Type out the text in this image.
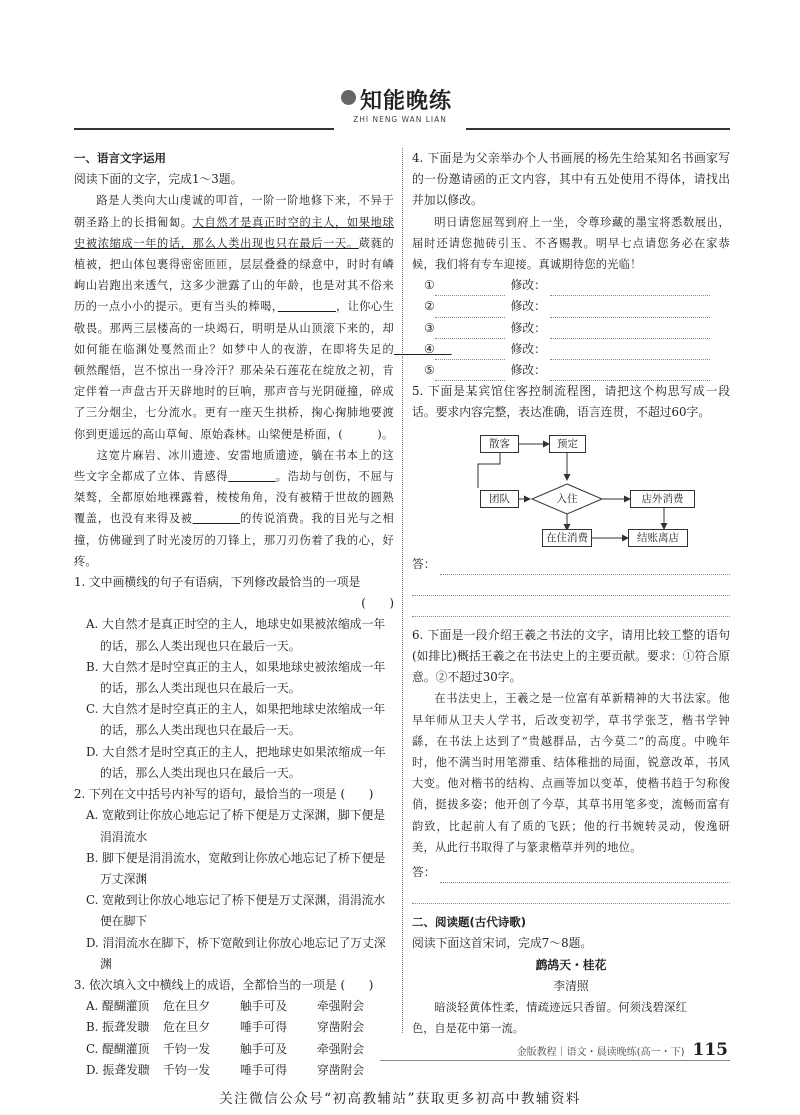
知能晚练
ZHI NENG WAN LIAN
一、语言文字运用
阅读下面的文字，完成1～3题。
路是人类向大山虔诚的叩首，一阶一阶地修下来，不异于朝圣路上的长揖匍匐。大自然才是真正时空的主人，如果地球史被浓缩成一年的话，那么人类出现也只在最后一天。葳蕤的植被，把山体包裹得密密匝匝，层层叠叠的绿意中，时时有嶙峋山岩跑出来透气，这多少泄露了山的年龄，也是对其不俗来历的一点小小的提示。更有当头的棒喝，　　　　　	，让你心生敬畏。那两三层楼高的一块竭石，明明是从山顶滚下来的，却如何能在临渊处戛然而止？如梦中人的夜游，在即将失足的　　　　　顿然醒悟，岂不惊出一身冷汗？那朵朵石莲花在绽放之初，肯定伴着一声盘古开天辟地时的巨响，那声音与光阴碰撞，碎成了三分烟尘，七分流水。更有一座天生拱桥，掬心掬肺地要渡你到更遥远的高山草甸、原始森林。山梁便是桥面，(　　　)。
这宽片麻岩、冰川遗迹、安雷地质遗迹，躺在书本上的这些文字全都成了立体、肯感得　　　　	。浩劫与创伤，不屈与桀骜，全都原始地裸露着，棱棱角角，没有被精于世故的圆熟覆盖，也没有来得及被　　　　	的传说消费。我的目光与之相撞，仿佛碰到了时光凌厉的刀锋上，那刀刃伤着了我的心，好疼。
1. 文中画横线的句子有语病，下列修改最恰当的一项是
(　　)
A. 大自然才是真正时空的主人，地球史如果被浓缩成一年的话，那么人类出现也只在最后一天。
B. 大自然才是时空真正的主人，如果地球史被浓缩成一年的话，那么人类出现也只在最后一天。
C. 大自然才是时空真正的主人，如果把地球史浓缩成一年的话，那么人类出现也只在最后一天。
D. 大自然才是时空真正的主人，把地球史如果浓缩成一年的话，那么人类出现也只在最后一天。
2. 下列在文中括号内补写的语句，最恰当的一项是 (　　)
A. 宽敞到让你放心地忘记了桥下便是万丈深渊，脚下便是涓涓流水
B. 脚下便是涓涓流水，宽敞到让你放心地忘记了桥下便是万丈深渊
C. 宽敞到让你放心地忘记了桥下便是万丈深渊，涓涓流水便在脚下
D. 涓涓流水在脚下，桥下宽敞到让你放心地忘记了万丈深渊
3. 依次填入文中横线上的成语，全都恰当的一项是 (　　)
A. 醍醐灌顶	危在旦夕	触手可及	牵强附会
B. 振聋发聩	危在旦夕	唾手可得	穿凿附会
C. 醍醐灌顶	千钧一发	触手可及	牵强附会
D. 振聋发聩	千钧一发	唾手可得	穿凿附会
4. 下面是为父亲举办个人书画展的杨先生给某知名书画家写的一份邀请函的正文内容，其中有五处使用不得体，请找出并加以修改。
明日请您屈驾到府上一坐，令尊珍藏的墨宝将悉数展出，届时还请您抛砖引玉、不吝赐教。明早七点请您务必在家恭候，我们将有专车迎接。真诚期待您的光临！
①	修改：
②	修改：
③	修改：
④	修改：
⑤	修改：
5. 下面是某宾馆住客控制流程图，请把这个构思写成一段话。要求内容完整，表达准确，语言连贯，不超过60字。
散客	预定
团队	入住	店外消费
在住消费	结账离店
答：
6. 下面是一段介绍王羲之书法的文字，请用比较工整的语句(如排比)概括王羲之在书法史上的主要贡献。要求：①符合原意。②不超过30字。
在书法史上，王羲之是一位富有革新精神的大书法家。他早年师从卫夫人学书，后改变初学，草书学张芝，楷书学钟繇，在书法上达到了“贵越群品，古今莫二”的高度。中晚年时，他不满当时用笔滞重、结体稚拙的局面，锐意改革，书风大变。他对楷书的结构、点画等加以变革，使楷书趋于匀称俊俏，挺拔多姿；他开创了今草，其草书用笔多变，流畅而富有韵致，比起前人有了质的飞跃；他的行书婉转灵动，俊逸研美，从此行书取得了与篆隶楷草并列的地位。
答：
二、阅读题(古代诗歌)
阅读下面这首宋词，完成7～8题。
鹧鸪天・桂花
李清照
暗淡轻黄体性柔，情疏迹远只香留。何须浅碧深红
色，自是花中第一流。
金版教程｜语文・晨读晚练(高一・下) 115
关注微信公众号“初高教辅站”获取更多初高中教辅资料
